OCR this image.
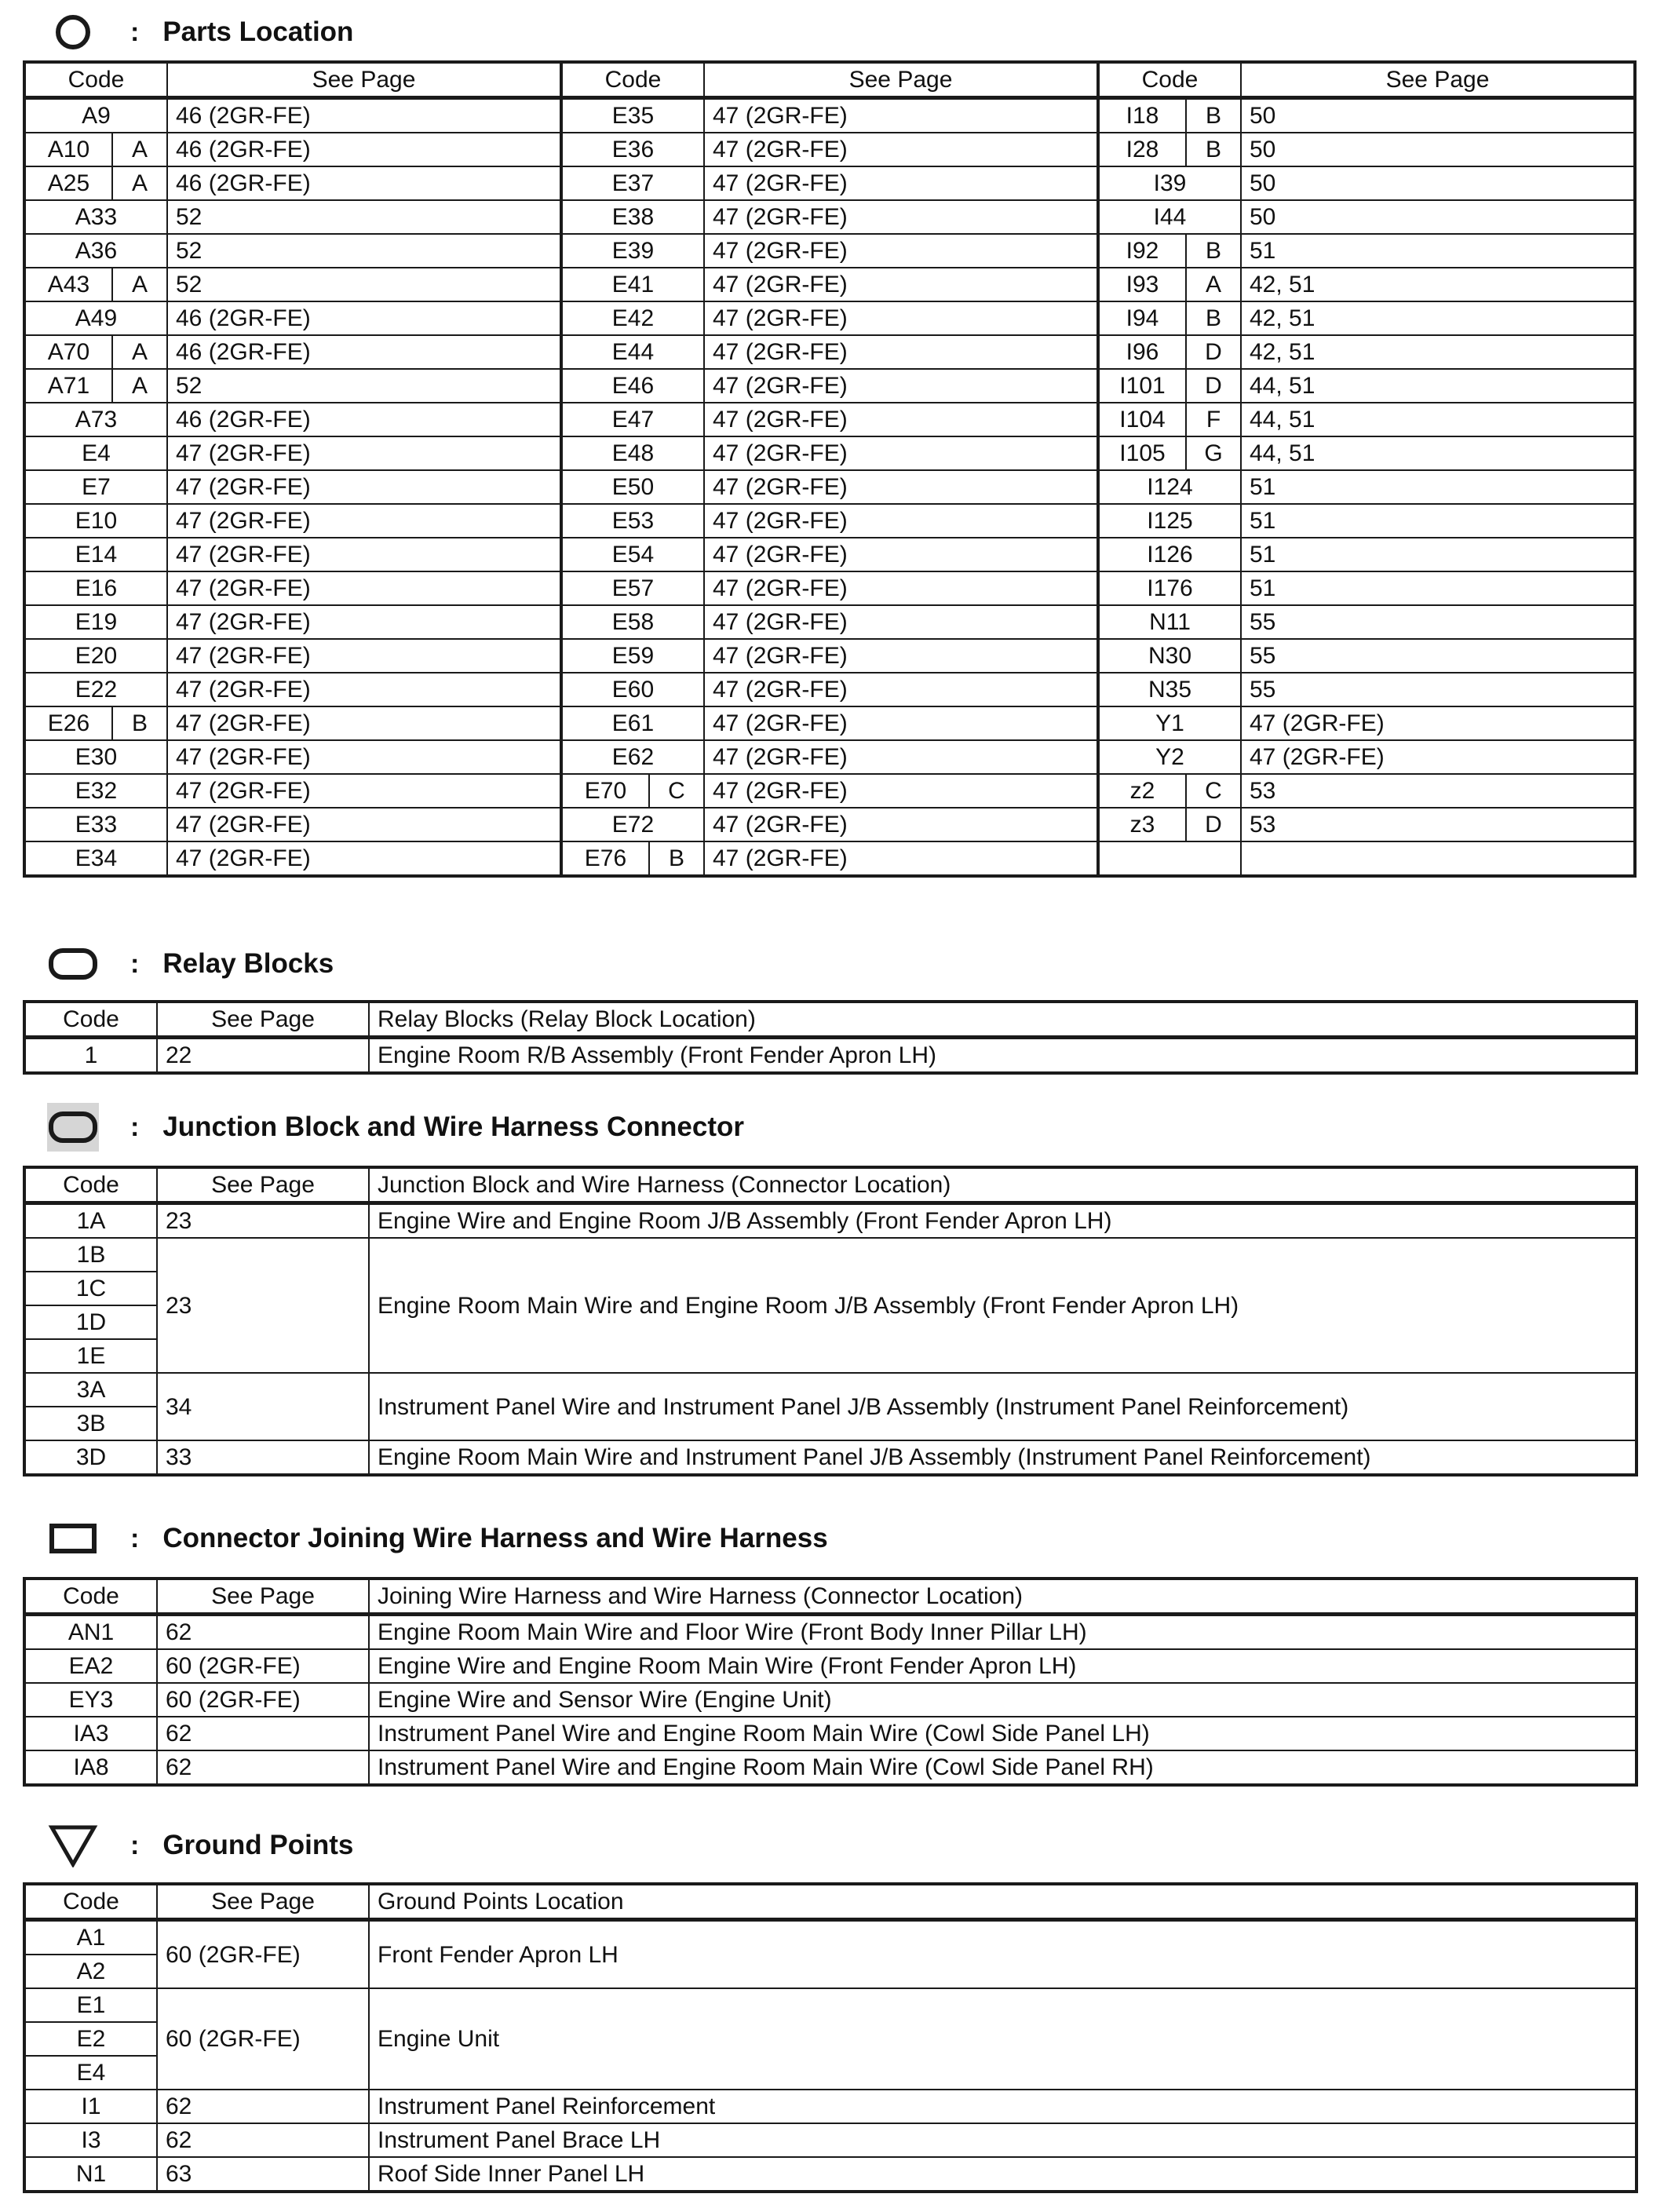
: Parts Location
Code		See Page	Code		See Page	Code		See Page
A9		46 (2GR-FE)	E35		47 (2GR-FE)	I18	B	50
A10	A	46 (2GR-FE)	E36		47 (2GR-FE)	I28	B	50
A25	A	46 (2GR-FE)	E37		47 (2GR-FE)	I39		50
A33		52	E38		47 (2GR-FE)	I44		50
A36		52	E39		47 (2GR-FE)	I92	B	51
A43	A	52	E41		47 (2GR-FE)	I93	A	42, 51
A49		46 (2GR-FE)	E42		47 (2GR-FE)	I94	B	42, 51
A70	A	46 (2GR-FE)	E44		47 (2GR-FE)	I96	D	42, 51
A71	A	52	E46		47 (2GR-FE)	I101	D	44, 51
A73		46 (2GR-FE)	E47		47 (2GR-FE)	I104	F	44, 51
E4		47 (2GR-FE)	E48		47 (2GR-FE)	I105	G	44, 51
E7		47 (2GR-FE)	E50		47 (2GR-FE)	I124		51
E10		47 (2GR-FE)	E53		47 (2GR-FE)	I125		51
E14		47 (2GR-FE)	E54		47 (2GR-FE)	I126		51
E16		47 (2GR-FE)	E57		47 (2GR-FE)	I176		51
E19		47 (2GR-FE)	E58		47 (2GR-FE)	N11		55
E20		47 (2GR-FE)	E59		47 (2GR-FE)	N30		55
E22		47 (2GR-FE)	E60		47 (2GR-FE)	N35		55
E26	B	47 (2GR-FE)	E61		47 (2GR-FE)	Y1		47 (2GR-FE)
E30		47 (2GR-FE)	E62		47 (2GR-FE)	Y2		47 (2GR-FE)
E32		47 (2GR-FE)	E70	C	47 (2GR-FE)	z2	C	53
E33		47 (2GR-FE)	E72		47 (2GR-FE)	z3	D	53
E34		47 (2GR-FE)	E76	B	47 (2GR-FE)			
: Relay Blocks
Code	See Page	Relay Blocks (Relay Block Location)
1	22	Engine Room R/B Assembly (Front Fender Apron LH)
: Junction Block and Wire Harness Connector
Code	See Page	Junction Block and Wire Harness (Connector Location)
1A	23	Engine Wire and Engine Room J/B Assembly (Front Fender Apron LH)
1B	23	Engine Room Main Wire and Engine Room J/B Assembly (Front Fender Apron LH)
1C		
1D		
1E		
3A	34	Instrument Panel Wire and Instrument Panel J/B Assembly (Instrument Panel Reinforcement)
3B		
3D	33	Engine Room Main Wire and Instrument Panel J/B Assembly (Instrument Panel Reinforcement)
: Connector Joining Wire Harness and Wire Harness
Code	See Page	Joining Wire Harness and Wire Harness (Connector Location)
AN1	62	Engine Room Main Wire and Floor Wire (Front Body Inner Pillar LH)
EA2	60 (2GR-FE)	Engine Wire and Engine Room Main Wire (Front Fender Apron LH)
EY3	60 (2GR-FE)	Engine Wire and Sensor Wire (Engine Unit)
IA3	62	Instrument Panel Wire and Engine Room Main Wire (Cowl Side Panel LH)
IA8	62	Instrument Panel Wire and Engine Room Main Wire (Cowl Side Panel RH)
: Ground Points
Code	See Page	Ground Points Location
A1	60 (2GR-FE)	Front Fender Apron LH
A2		
E1	60 (2GR-FE)	Engine Unit
E2		
E4		
I1	62	Instrument Panel Reinforcement
I3	62	Instrument Panel Brace LH
N1	63	Roof Side Inner Panel LH
